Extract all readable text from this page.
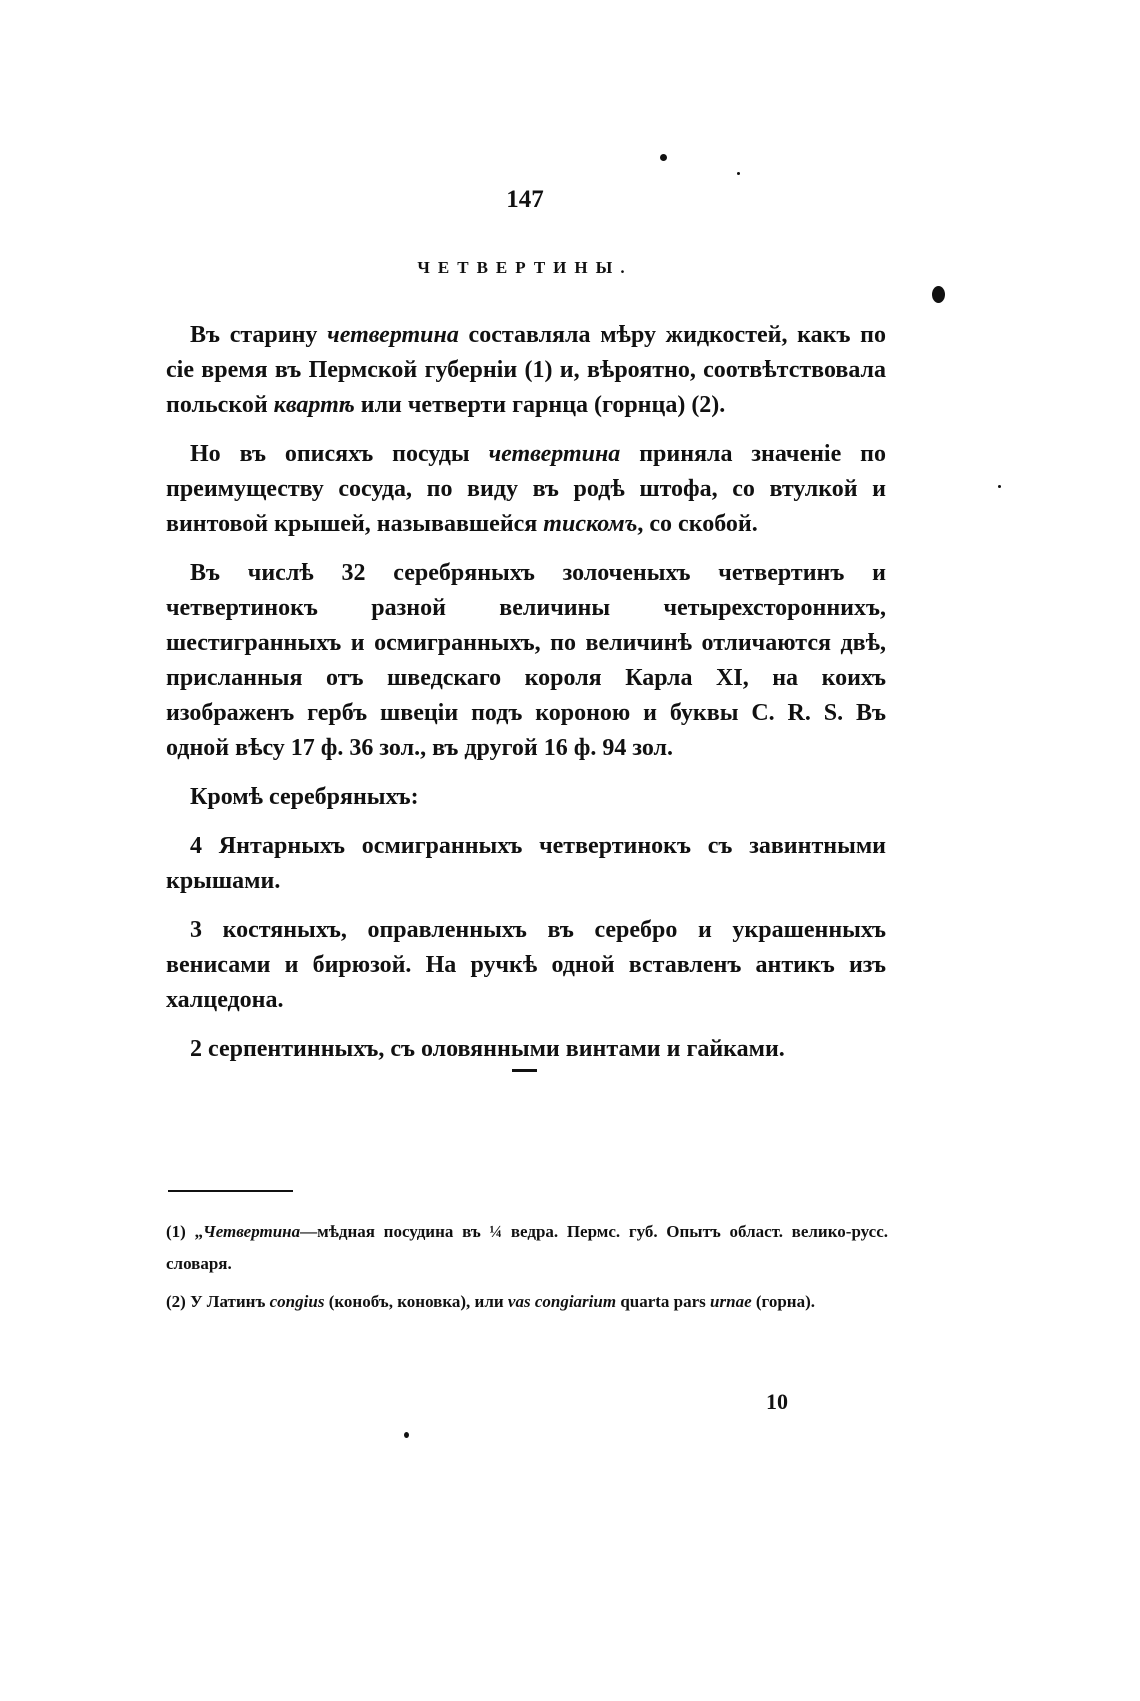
147
ЧЕТВЕРТИНЫ.

Въ старину четвертина составляла мѣру жидкостей, какъ по сіе время въ Пермской губерніи (1) и, вѣроятно, соотвѣтствовала польской квартѣ или четверти гарнца (горнца) (2).

Но въ описяхъ посуды четвертина приняла значеніе по преимуществу сосуда, по виду въ родѣ штофа, со втулкой и винтовой крышей, называвшейся тискомъ, со скобой.

Въ числѣ 32 серебряныхъ золоченыхъ четвертинъ и четвертинокъ разной величины четырехсторонниxъ, шестигранныхъ и осмигранныхъ, по величинѣ отличаются двѣ, присланныя отъ шведскаго короля Карла XI, на коихъ изображенъ гербъ швеціи подъ короною и буквы C. R. S. Въ одной вѣсу 17 ф. 36 зол., въ другой 16 ф. 94 зол.

Кромѣ серебряныхъ:

4 Янтарныхъ осмигранныхъ четвертинокъ съ завинтными крышами.

3 костяныхъ, оправленныхъ въ серебро и украшенныхъ венисами и бирюзой. На ручкѣ одной вставленъ антикъ изъ халцедона.

2 серпентинныхъ, съ оловянными винтами и гайками.

(1) „Четвертина—мѣдная посудина въ ¼ ведра. Пермс. губ. Опытъ област. велико-русс. словаря.

(2) У Латинъ congius (конобъ, коновка), или vas congiarium quarta pars urnae (горна).

10
